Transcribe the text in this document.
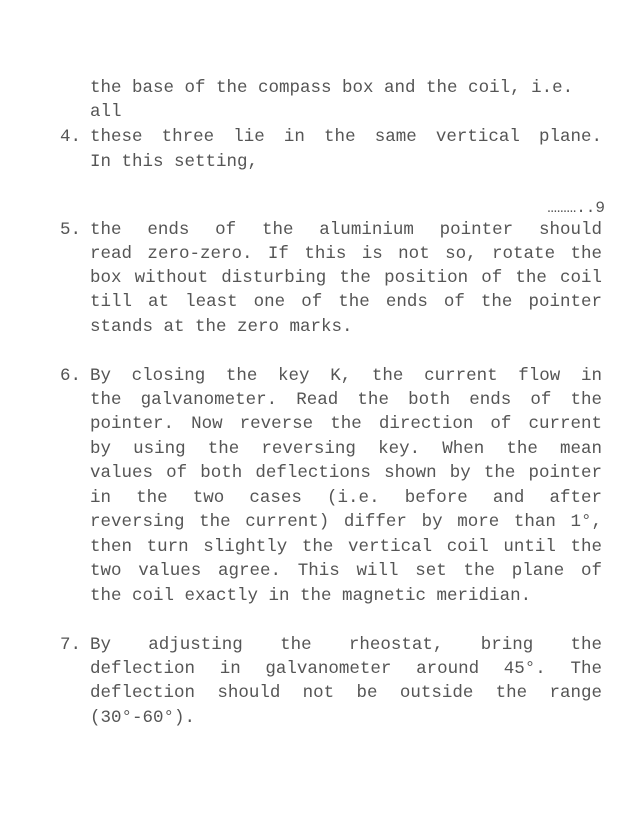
the base of the compass box and the coil, i.e.
all
4. these three lie in the same vertical plane.
In this setting,
………..9
5. the ends of the aluminium pointer should
read zero-zero. If this is not so, rotate the
box without disturbing the position of the coil
till at least one of the ends of the pointer
stands at the zero marks.
6. By closing the key K, the current flow in
the galvanometer. Read the both ends of the
pointer. Now reverse the direction of current
by using the reversing key. When the mean
values of both deflections shown by the pointer
in the two cases (i.e. before and after
reversing the current) differ by more than 1°,
then turn slightly the vertical coil until the
two values agree. This will set the plane of
the coil exactly in the magnetic meridian.
7. By adjusting the rheostat, bring the
deflection in galvanometer around 45°. The
deflection should not be outside the range
(30°-60°).
